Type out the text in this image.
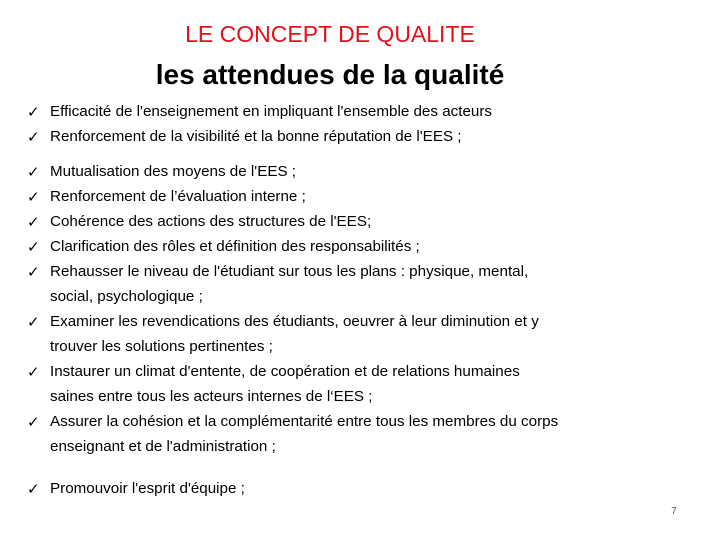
LE CONCEPT DE QUALITE
les attendues de la qualité
✓ Efficacité de l'enseignement en impliquant l'ensemble des acteurs
✓ Renforcement de la visibilité et la bonne réputation de l'EES ;
✓ Mutualisation des moyens de l'EES ;
✓ Renforcement de l’évaluation interne ;
✓ Cohérence des actions des structures de l'EES;
✓ Clarification des rôles et définition des responsabilités ;
✓ Rehausser le niveau de l'étudiant sur tous les plans : physique, mental,
social, psychologique ;
✓ Examiner les revendications des étudiants, oeuvrer à leur diminution et y
trouver les solutions pertinentes ;
✓ Instaurer un climat d'entente, de coopération et de relations humaines
saines entre tous les acteurs internes de l‘EES ;
✓ Assurer la cohésion et la complémentarité entre tous les membres du corps
enseignant et de l'administration ;
✓ Promouvoir l'esprit d'équipe ;
7
